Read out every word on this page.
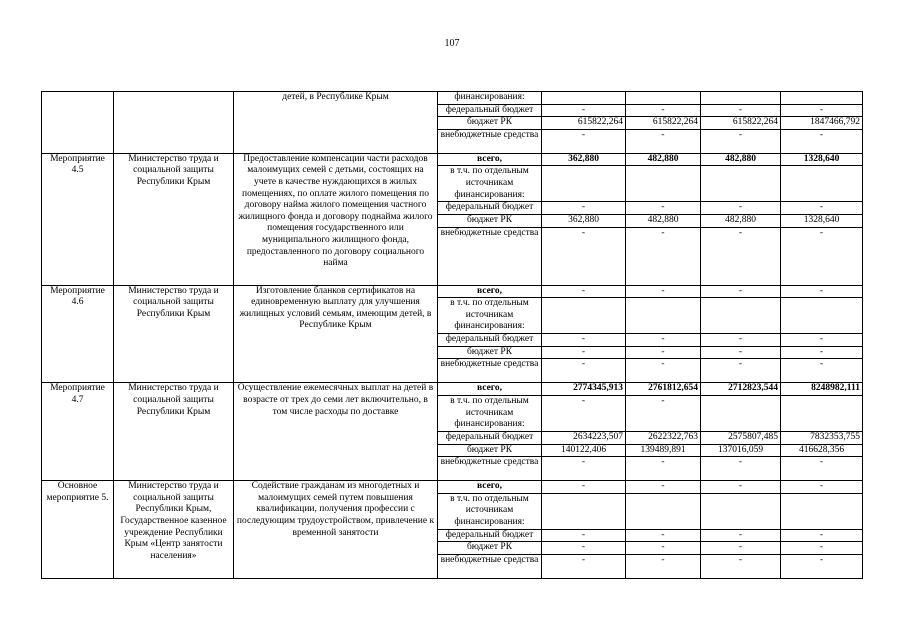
107
		детей, в Республике Крым	финансирования:				
			федеральный бюджет	-	-	-	-
			бюджет РК	615822,264	615822,264	615822,264	1847466,792
			внебюджетные средства	-	-	-	-
Мероприятие 4.5	Министерство труда и социальной защиты Республики Крым	Предоставление компенсации части расходов малоимущих семей с детьми, состоящих на учете в качестве нуждающихся в жилых помещениях, по оплате жилого помещения по договору найма жилого помещения частного жилищного фонда и договору поднайма жилого помещения государственного или муниципального жилищного фонда, предоставленного по договору социального найма	всего,	362,880	482,880	482,880	1328,640
			в т.ч. по отдельным источникам финансирования:				
			федеральный бюджет	-	-	-	-
			бюджет РК	362,880	482,880	482,880	1328,640
			внебюджетные средства	-	-	-	-
Мероприятие 4.6	Министерство труда и социальной защиты Республики Крым	Изготовление бланков сертификатов на единовременную выплату для улучшения жилищных условий семьям, имеющим детей, в Республике Крым	всего,	-	-	-	-
			в т.ч. по отдельным источникам финансирования:				
			федеральный бюджет	-	-	-	-
			бюджет РК	-	-	-	-
			внебюджетные средства	-	-	-	-
Мероприятие 4.7	Министерство труда и социальной защиты Республики Крым	Осуществление ежемесячных выплат на детей в возрасте от трех до семи лет включительно, в том числе расходы по доставке	всего,	2774345,913	2761812,654	2712823,544	8248982,111
			в т.ч. по отдельным источникам финансирования:	-	-		
			федеральный бюджет	2634223,507	2622322,763	2575807,485	7832353,755
			бюджет РК	140122,406	139489,891	137016,059	416628,356
			внебюджетные средства	-	-	-	-
Основное мероприятие 5.	Министерство труда и социальной защиты Республики Крым, Государственное казенное учреждение Республики Крым «Центр занятости населения»	Содействие гражданам из многодетных и малоимущих семей путем повышения квалификации, получения профессии с последующим трудоустройством, привлечение к временной занятости	всего,	-	-	-	-
			в т.ч. по отдельным источникам финансирования:				
			федеральный бюджет	-	-	-	-
			бюджет РК	-	-	-	-
			внебюджетные средства	-	-	-	-
